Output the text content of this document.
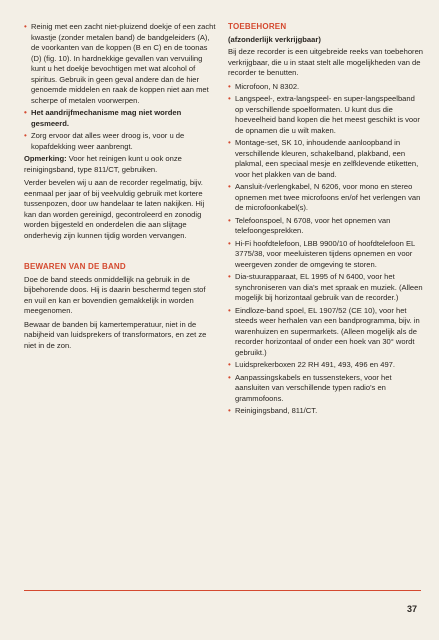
• Reinig met een zacht niet-pluizend doekje of een zacht kwastje (zonder metalen band) de bandgeleiders (A), de voorkanten van de koppen (B en C) en de toonas (D) (fig. 10). In hardnekkige gevallen van vervuiling kunt u het doekje bevochtigen met wat alcohol of spiritus. Gebruik in geen geval andere dan de hier genoemde middelen en raak de koppen niet aan met scherpe of metalen voorwerpen.

• Het aandrijfmechanisme mag niet worden gesmeerd.

• Zorg ervoor dat alles weer droog is, voor u de kopafdekking weer aanbrengt.

Opmerking: Voor het reinigen kunt u ook onze reinigingsband, type 811/CT, gebruiken.

Verder bevelen wij u aan de recorder regelmatig, bijv. eenmaal per jaar of bij veelvuldig gebruik met kortere tussenpozen, door uw handelaar te laten nakijken. Hij kan dan worden gereinigd, gecontroleerd en zonodig worden bijgesteld en onderdelen die aan slijtage onderhevig zijn kunnen tijdig worden vervangen.

BEWAREN VAN DE BAND

Doe de band steeds onmiddellijk na gebruik in de bijbehorende doos. Hij is daarin beschermd tegen stof en vuil en kan er bovendien gemakkelijk in worden meegenomen.

Bewaar de banden bij kamertemperatuur, niet in de nabijheid van luidsprekers of transformators, en zet ze niet in de zon.

TOEBEHOREN

(afzonderlijk verkrijgbaar)

Bij deze recorder is een uitgebreide reeks van toebehoren verkrijgbaar, die u in staat stelt alle mogelijkheden van de recorder te benutten.

• Microfoon, N 8302.

• Langspeel-, extra-langspeel- en super-langspeelband op verschillende spoelformaten. U kunt dus die hoeveelheid band kopen die het meest geschikt is voor de opnamen die u wilt maken.

• Montage-set, SK 10, inhoudende aanloopband in verschillende kleuren, schakelband, plakband, een plakmal, een speciaal mesje en zelfklevende etiketten, voor het plakken van de band.

• Aansluit-/verlengkabel, N 6206, voor mono en stereo opnemen met twee microfoons en/of het verlengen van de microfoonkabel(s).

• Telefoonspoel, N 6708, voor het opnemen van telefoongesprekken.

• Hi-Fi hoofdtelefoon, LBB 9900/10 of hoofdtelefoon EL 3775/38, voor meeluisteren tijdens opnemen en voor weergeven zonder de omgeving te storen.

• Dia-stuurapparaat, EL 1995 of N 6400, voor het synchroniseren van dia's met spraak en muziek. (Alleen mogelijk bij horizontaal gebruik van de recorder.)

• Eindloze-band spoel, EL 1907/52 (CE 10), voor het steeds weer herhalen van een bandprogramma, bijv. in warenhuizen en supermarkets. (Alleen mogelijk als de recorder horizontaal of onder een hoek van 30° wordt gebruikt.)

• Luidsprekerboxen 22 RH 491, 493, 496 en 497.

• Aanpassingskabels en tussenstekers, voor het aansluiten van verschillende typen radio's en grammofoons.

• Reinigingsband, 811/CT.

37
